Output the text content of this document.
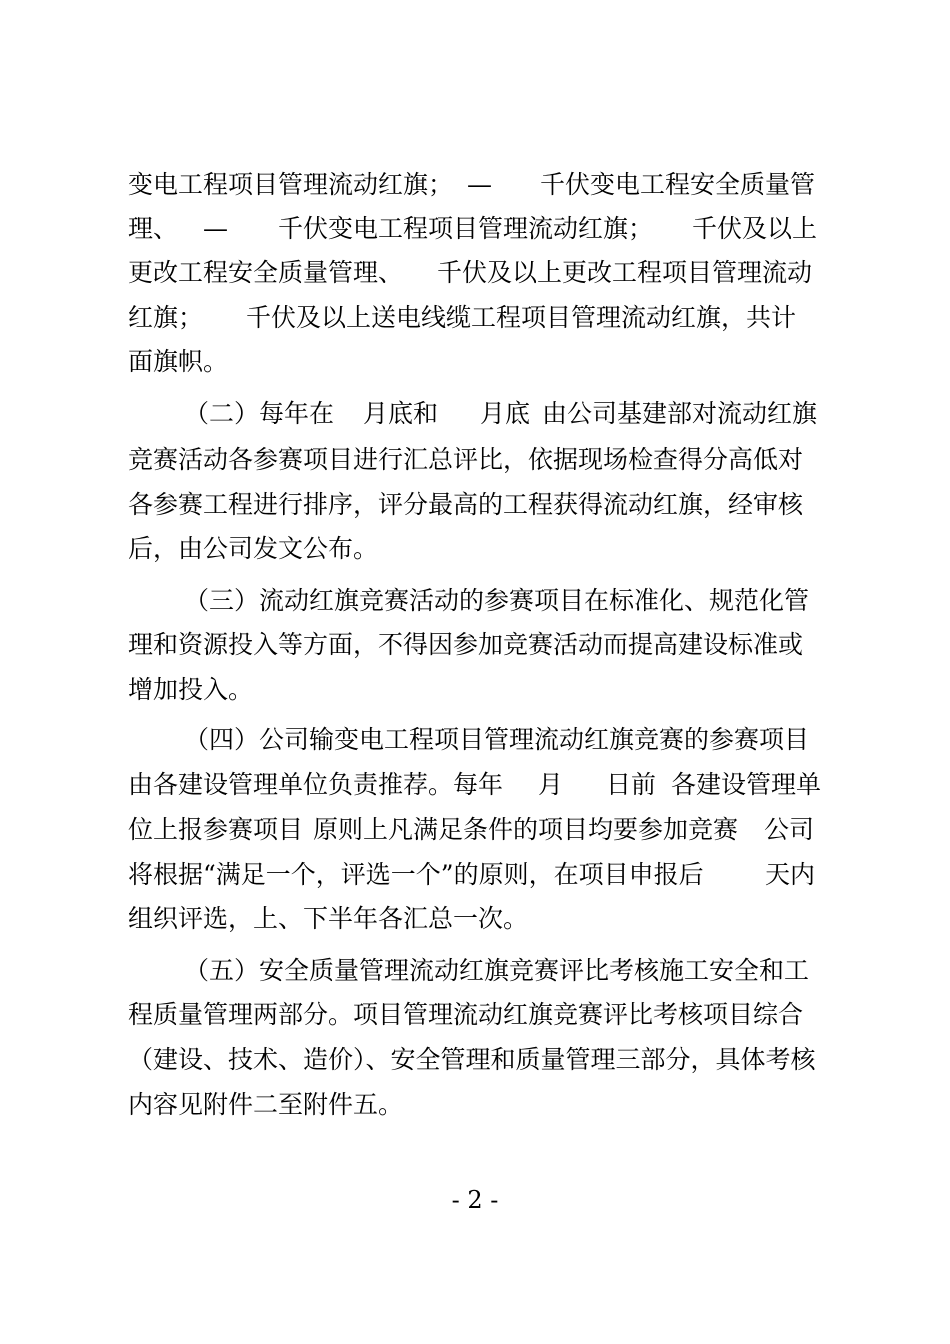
变电工程项目管理流动红旗；

—

千伏变电工程安全质量管

理、

—

千伏变电工程项目管理流动红旗；

千伏及以上

更改工程安全质量管理、

千伏及以上更改工程项目管理流动

红旗；

千伏及以上送电线缆工程项目管理流动红旗，共计

面旗帜。

（二）每年在

月底和

月底

由公司基建部对流动红旗

竞赛活动各参赛项目进行汇总评比，依据现场检查得分高低对

各参赛工程进行排序，评分最高的工程获得流动红旗，经审核

后，由公司发文公布。

（三）流动红旗竞赛活动的参赛项目在标准化、规范化管

理和资源投入等方面，不得因参加竞赛活动而提高建设标准或

增加投入。

（四）公司输变电工程项目管理流动红旗竞赛的参赛项目

由各建设管理单位负责推荐。每年

月

日前

各建设管理单

位上报参赛项目

原则上凡满足条件的项目均要参加竞赛

公司

将根据“满足一个，评选一个”的原则，在项目申报后

天内

组织评选，上、下半年各汇总一次。

（五）安全质量管理流动红旗竞赛评比考核施工安全和工

程质量管理两部分。项目管理流动红旗竞赛评比考核项目综合

（建设、技术、造价）、安全管理和质量管理三部分，具体考核

内容见附件二至附件五。

- 2 -
